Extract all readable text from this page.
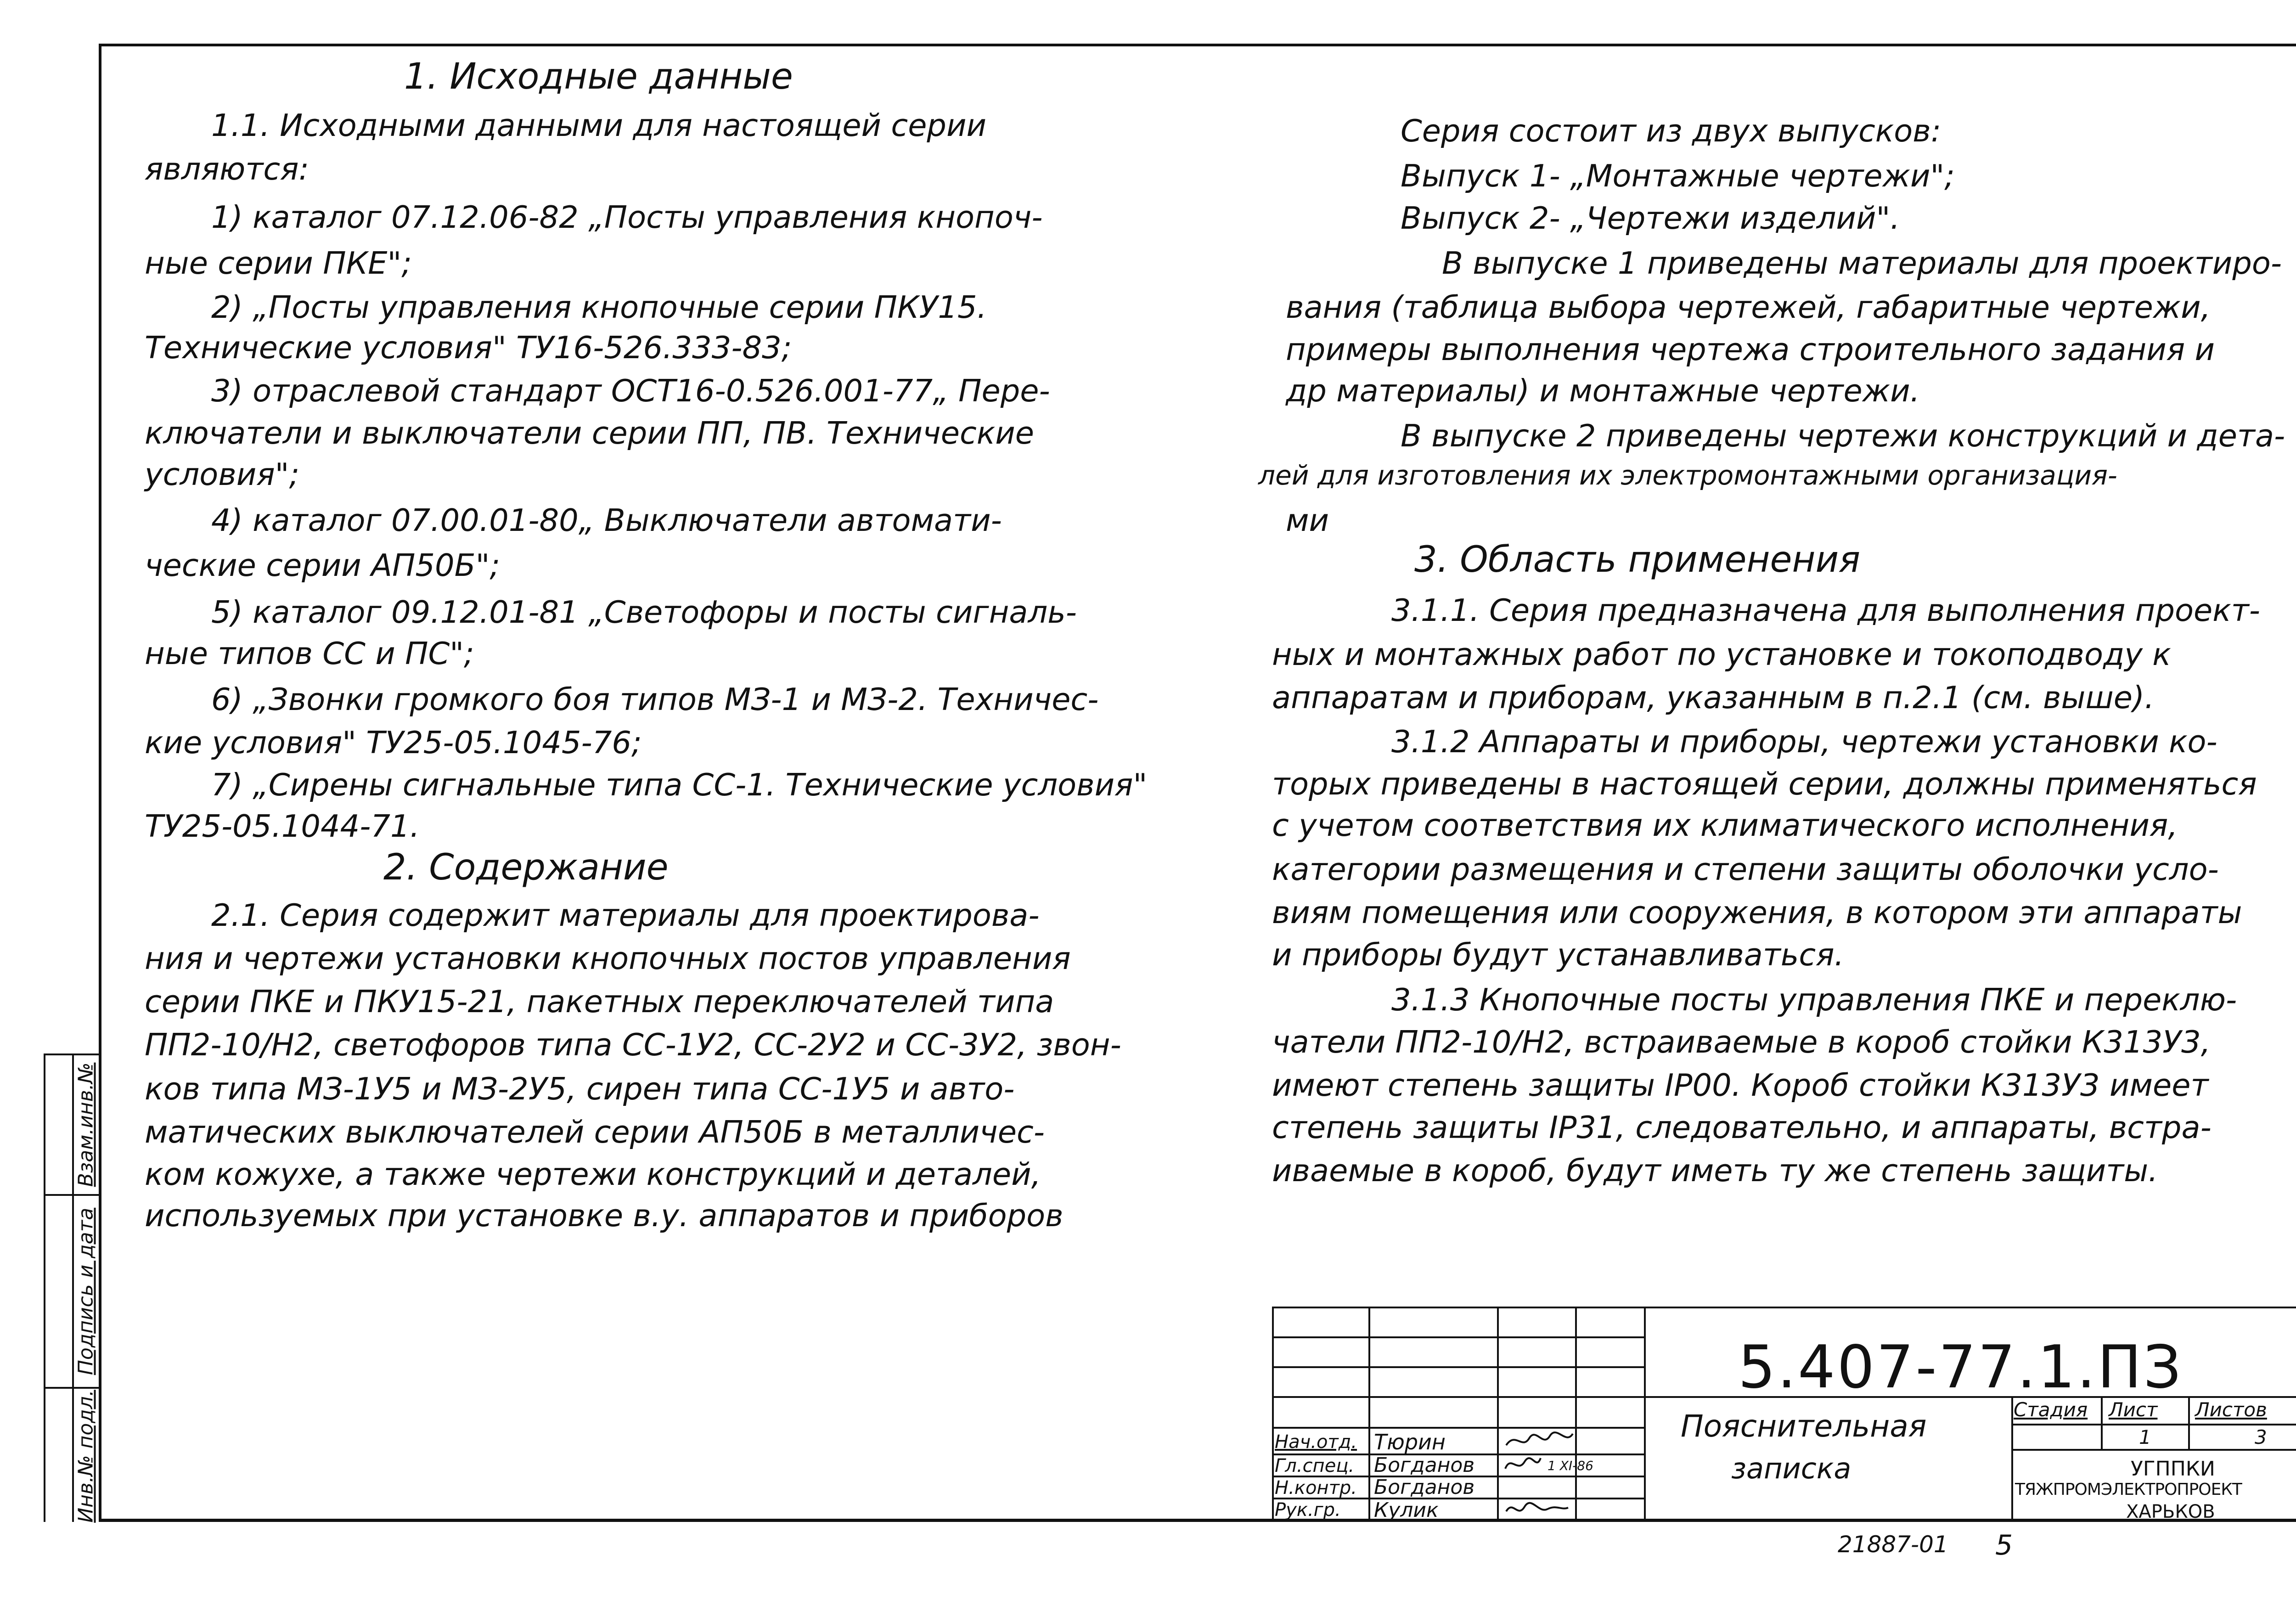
1. Исходные данные
1.1. Исходными данными для настоящей серии
являются:
1) каталог 07.12.06-82 „Посты управления кнопоч-
ные серии ПКЕ";
2) „Посты управления кнопочные серии ПКУ15.
Технические условия" ТУ16-526.333-83;
3) отраслевой стандарт ОСТ16-0.526.001-77„ Пере-
ключатели и выключатели серии ПП, ПВ. Технические
условия";
4) каталог 07.00.01-80„ Выключатели автомати-
ческие серии АП50Б";
5) каталог 09.12.01-81 „Светофоры и посты сигналь-
ные типов СС и ПС";
6) „Звонки громкого боя типов МЗ-1 и МЗ-2. Техничес-
кие условия" ТУ25-05.1045-76;
7) „Сирены сигнальные типа СС-1. Технические условия"
ТУ25-05.1044-71.
2. Содержание
2.1. Серия содержит материалы для проектирова-
ния и чертежи установки кнопочных постов управления
серии ПКЕ и ПКУ15-21, пакетных переключателей типа
ПП2-10/Н2, светофоров типа СС-1У2, СС-2У2 и СС-3У2, звон-
ков типа МЗ-1У5 и МЗ-2У5, сирен типа СС-1У5 и авто-
матических выключателей серии АП50Б в металличес-
ком кожухе, а также чертежи конструкций и деталей,
используемых при установке в.у. аппаратов и приборов
Серия состоит из двух выпусков:
Выпуск 1- „Монтажные чертежи";
Выпуск 2- „Чертежи изделий".
В выпуске 1 приведены материалы для проектиро-
вания (таблица выбора чертежей, габаритные чертежи,
примеры выполнения чертежа строительного задания и
др материалы) и монтажные чертежи.
В выпуске 2 приведены чертежи конструкций и дета-
лей для изготовления их электромонтажными организация-
ми
3. Область применения
3.1.1. Серия предназначена для выполнения проект-
ных и монтажных работ по установке и токоподводу к
аппаратам и приборам, указанным в п.2.1 (см. выше).
3.1.2 Аппараты и приборы, чертежи установки ко-
торых приведены в настоящей серии, должны применяться
с учетом соответствия их климатического исполнения,
категории размещения и степени защиты оболочки усло-
виям помещения или сооружения, в котором эти аппараты
и приборы будут устанавливаться.
3.1.3 Кнопочные посты управления ПКЕ и переклю-
чатели ПП2-10/Н2, встраиваемые в короб стойки К313У3,
имеют степень защиты IP00. Короб стойки К313У3 имеет
степень защиты IP31, следовательно, и аппараты, встра-
иваемые в короб, будут иметь ту же степень защиты.
Взам.инв.№
Подпись и дата
Инв.№ подл.	Нач.отд.
Гл.спец.
Н.контр.
Рук.гр.
Тюрин
Богданов
Богданов
Кулик
1 XI-86
5.407-77.1.ПЗ
Пояснительная
записка
Стадия Лист Листов
1	3
УГППКИ
ТЯЖПРОМЭЛЕКТРОПРОЕКТ
ХАРЬКОВ
21887-01 5
